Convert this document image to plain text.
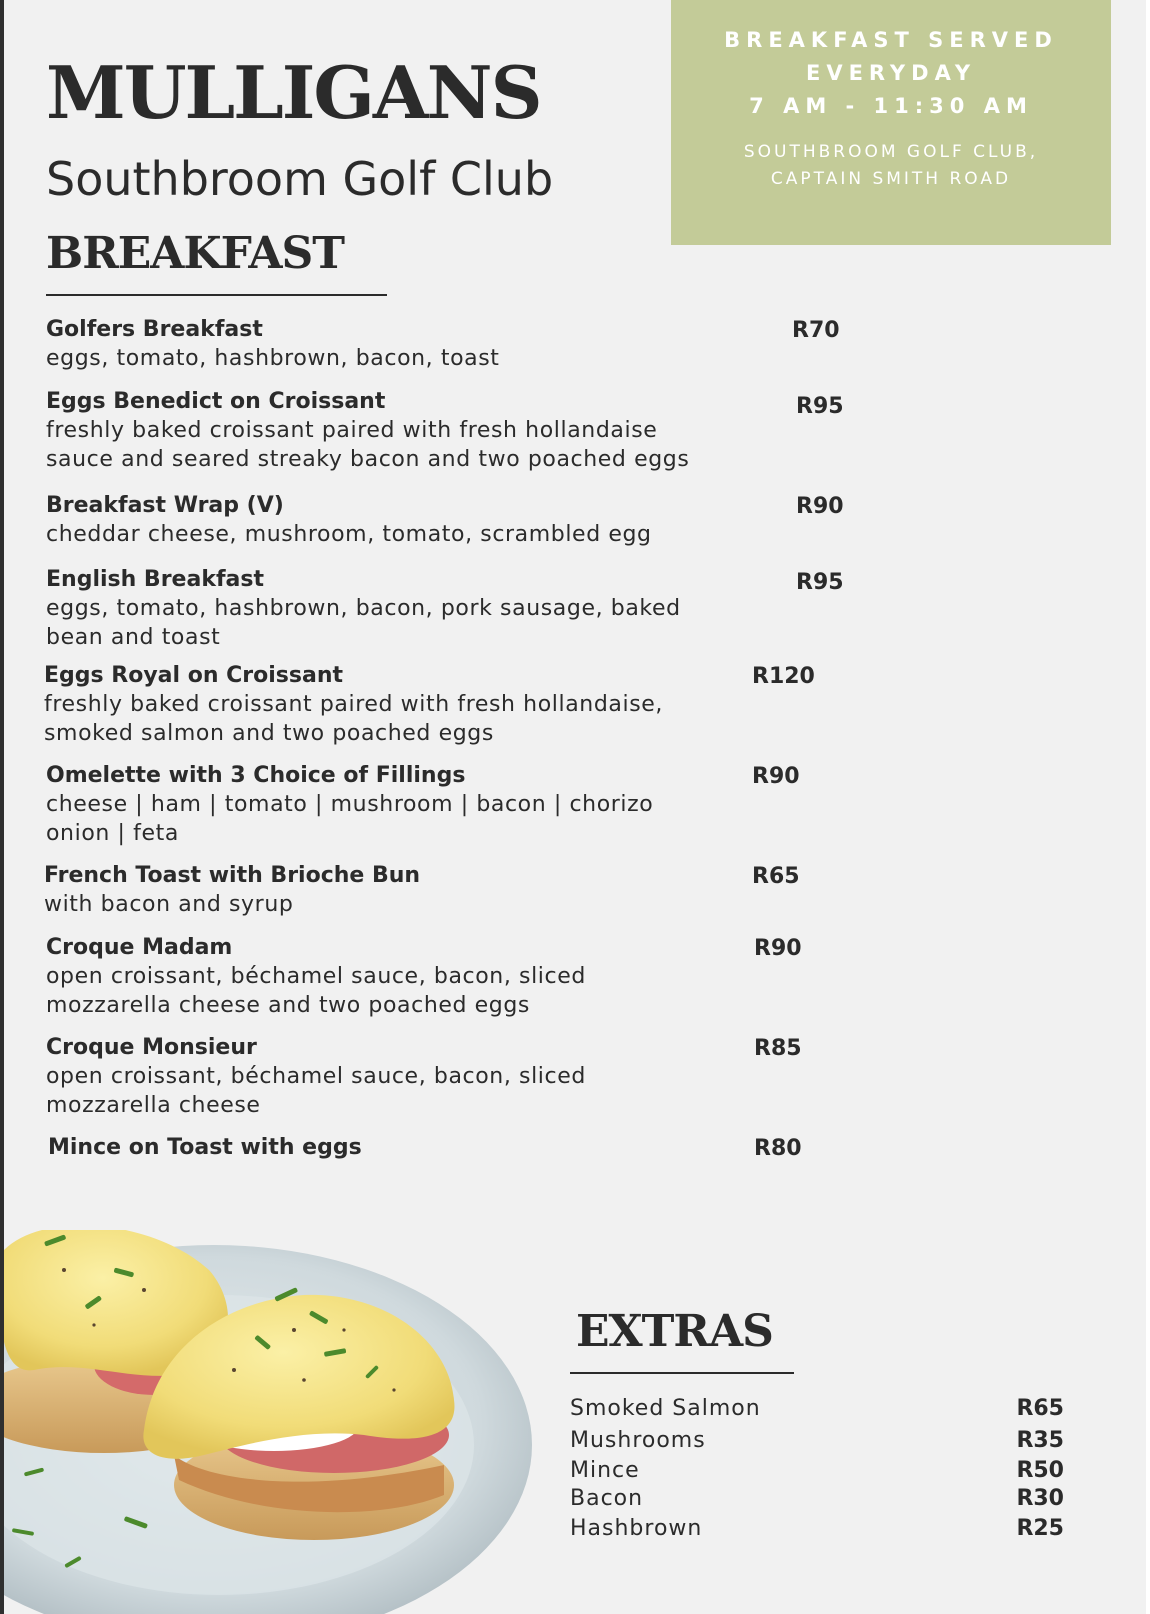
MULLIGANS
Southbroom Golf Club
BREAKFAST SERVED
EVERYDAY
7 AM - 11:30 AM
SOUTHBROOM GOLF CLUB,
CAPTAIN SMITH ROAD
BREAKFAST
Golfers Breakfast
eggs, tomato, hashbrown, bacon, toast
R70
Eggs Benedict on Croissant
freshly baked croissant paired with fresh hollandaise
sauce and seared streaky bacon and two poached eggs
R95
Breakfast Wrap (V)
cheddar cheese, mushroom, tomato, scrambled egg
R90
English Breakfast
eggs, tomato, hashbrown, bacon, pork sausage, baked
bean and toast
R95
Eggs Royal on Croissant
freshly baked croissant paired with fresh hollandaise,
smoked salmon and two poached eggs
R120
Omelette with 3 Choice of Fillings
cheese | ham | tomato | mushroom | bacon | chorizo
onion | feta
R90
French Toast with Brioche Bun
with bacon and syrup
R65
Croque Madam
open croissant, béchamel sauce, bacon, sliced
mozzarella cheese and two poached eggs
R90
Croque Monsieur
open croissant, béchamel sauce, bacon, sliced
mozzarella cheese
R85
Mince on Toast with eggs	R80
EXTRAS
Smoked Salmon	R65
Mushrooms	R35
Mince	R50
Bacon	R30
Hashbrown	R25
